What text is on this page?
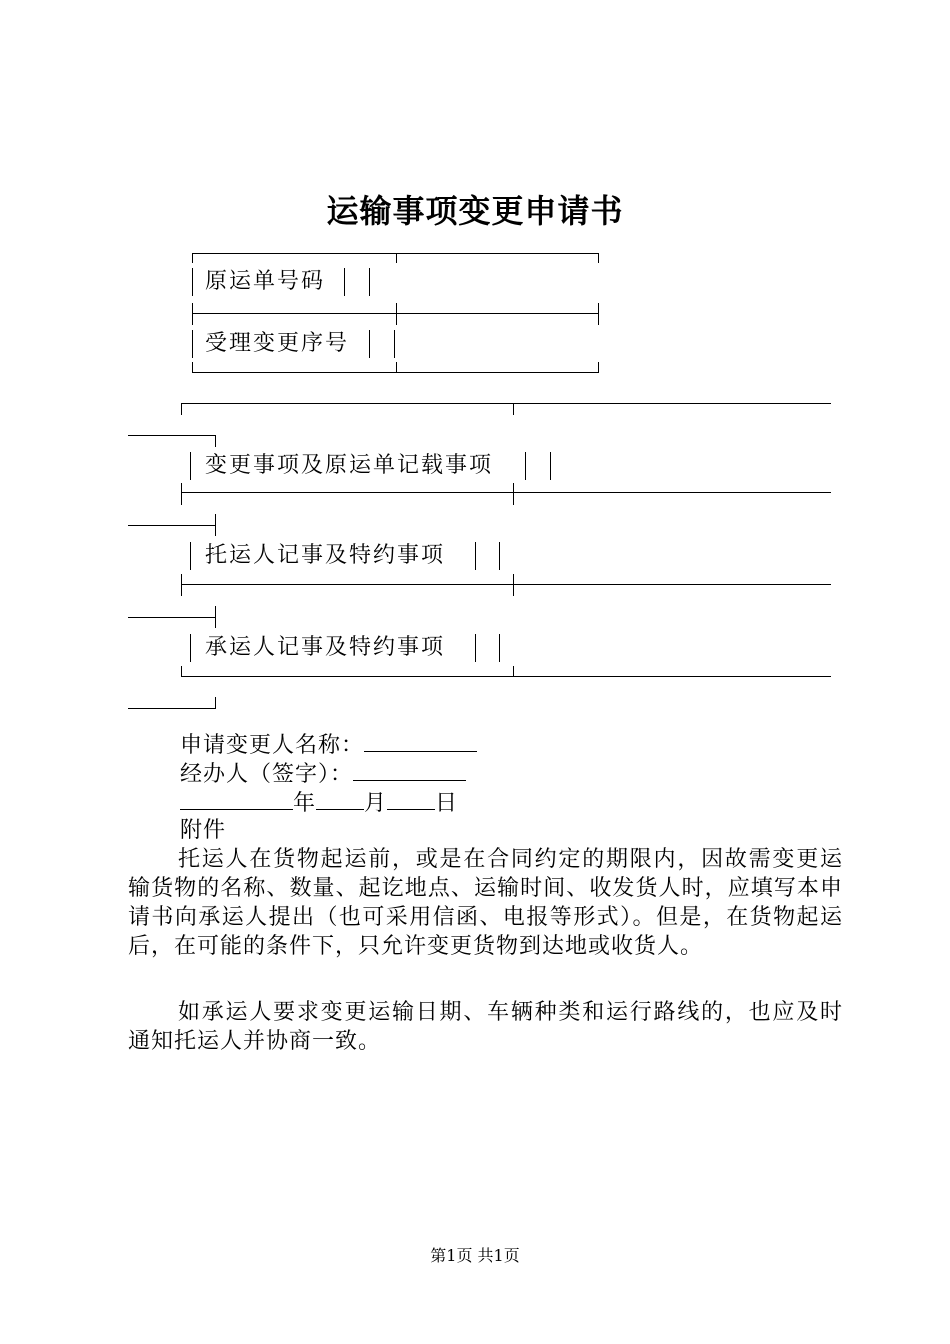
运输事项变更申请书
原运单号码
受理变更序号
变更事项及原运单记载事项
托运人记事及特约事项
承运人记事及特约事项
申请变更人名称：
经办人（签字）：
年 月 日
附件
托运人在货物起运前，或是在合同约定的期限内，因故需变更运输货物的名称、数量、起讫地点、运输时间、收发货人时，应填写本申请书向承运人提出（也可采用信函、电报等形式）。但是，在货物起运后，在可能的条件下，只允许变更货物到达地或收货人。
如承运人要求变更运输日期、车辆种类和运行路线的，也应及时通知托运人并协商一致。
第1页 共1页
